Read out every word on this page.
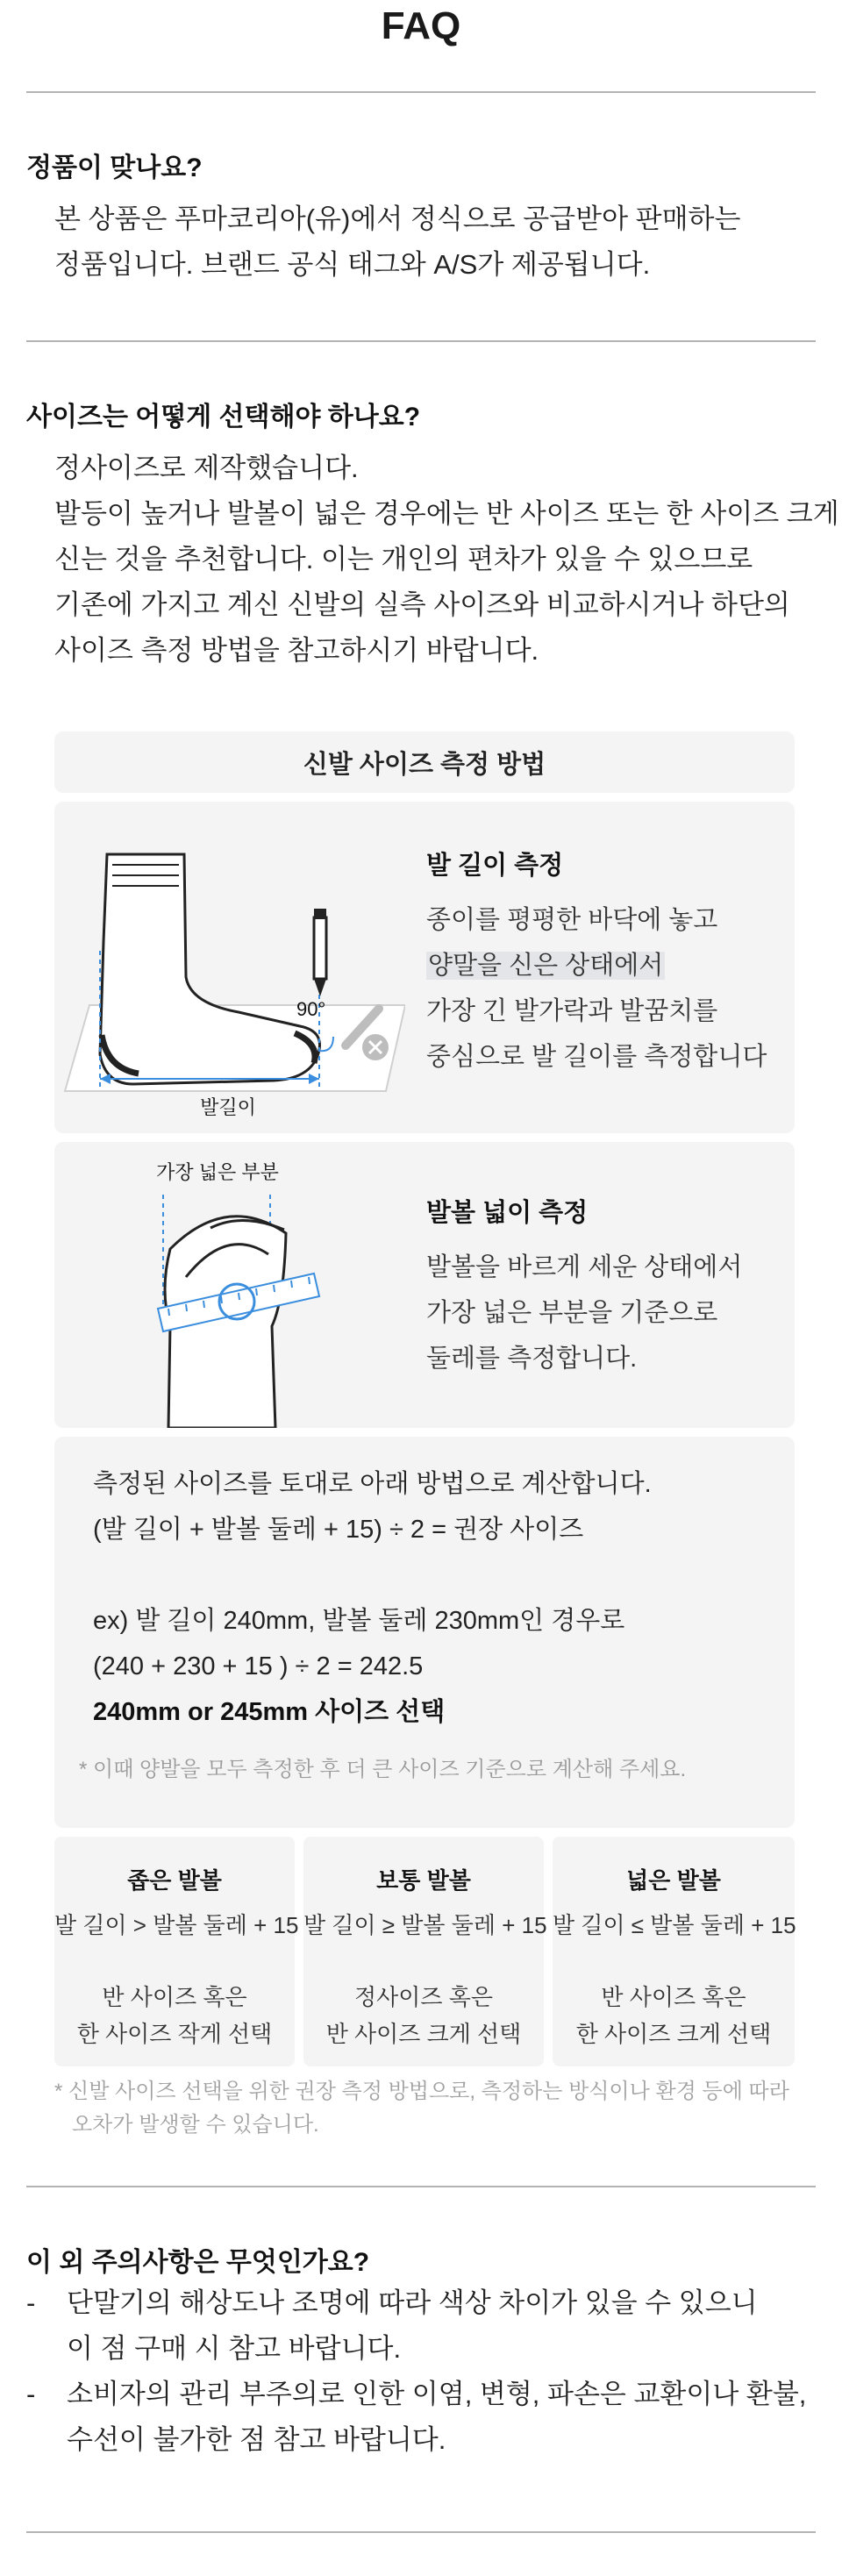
FAQ
정품이 맞나요?
본 상품은 푸마코리아(유)에서 정식으로 공급받아 판매하는
정품입니다. 브랜드 공식 태그와 A/S가 제공됩니다.
사이즈는 어떻게 선택해야 하나요?
정사이즈로 제작했습니다.
발등이 높거나 발볼이 넓은 경우에는 반 사이즈 또는 한 사이즈 크게
신는 것을 추천합니다. 이는 개인의 편차가 있을 수 있으므로
기존에 가지고 계신 신발의 실측 사이즈와 비교하시거나 하단의
사이즈 측정 방법을 참고하시기 바랍니다.
신발 사이즈 측정 방법
90°
발길이
발 길이 측정
종이를 평평한 바닥에 놓고
양말을 신은 상태에서
가장 긴 발가락과 발꿈치를
중심으로 발 길이를 측정합니다
가장 넓은 부분
발볼 넓이 측정
발볼을 바르게 세운 상태에서
가장 넓은 부분을 기준으로
둘레를 측정합니다.
측정된 사이즈를 토대로 아래 방법으로 계산합니다.
(발 길이 + 발볼 둘레 + 15) ÷ 2 = 권장 사이즈
ex) 발 길이 240mm, 발볼 둘레 230mm인 경우로
(240 + 230 + 15 ) ÷ 2 = 242.5
240mm or 245mm 사이즈 선택
* 이때 양발을 모두 측정한 후 더 큰 사이즈 기준으로 계산해 주세요.
좁은 발볼
발 길이 > 발볼 둘레 + 15
반 사이즈 혹은
한 사이즈 작게 선택
보통 발볼
발 길이 ≥ 발볼 둘레 + 15
정사이즈 혹은
반 사이즈 크게 선택
넓은 발볼
발 길이 ≤ 발볼 둘레 + 15
반 사이즈 혹은
한 사이즈 크게 선택
* 신발 사이즈 선택을 위한 권장 측정 방법으로, 측정하는 방식이나 환경 등에 따라
오차가 발생할 수 있습니다.
이 외 주의사항은 무엇인가요?
-	단말기의 해상도나 조명에 따라 색상 차이가 있을 수 있으니
이 점 구매 시 참고 바랍니다.
-	소비자의 관리 부주의로 인한 이염, 변형, 파손은 교환이나 환불,
수선이 불가한 점 참고 바랍니다.
